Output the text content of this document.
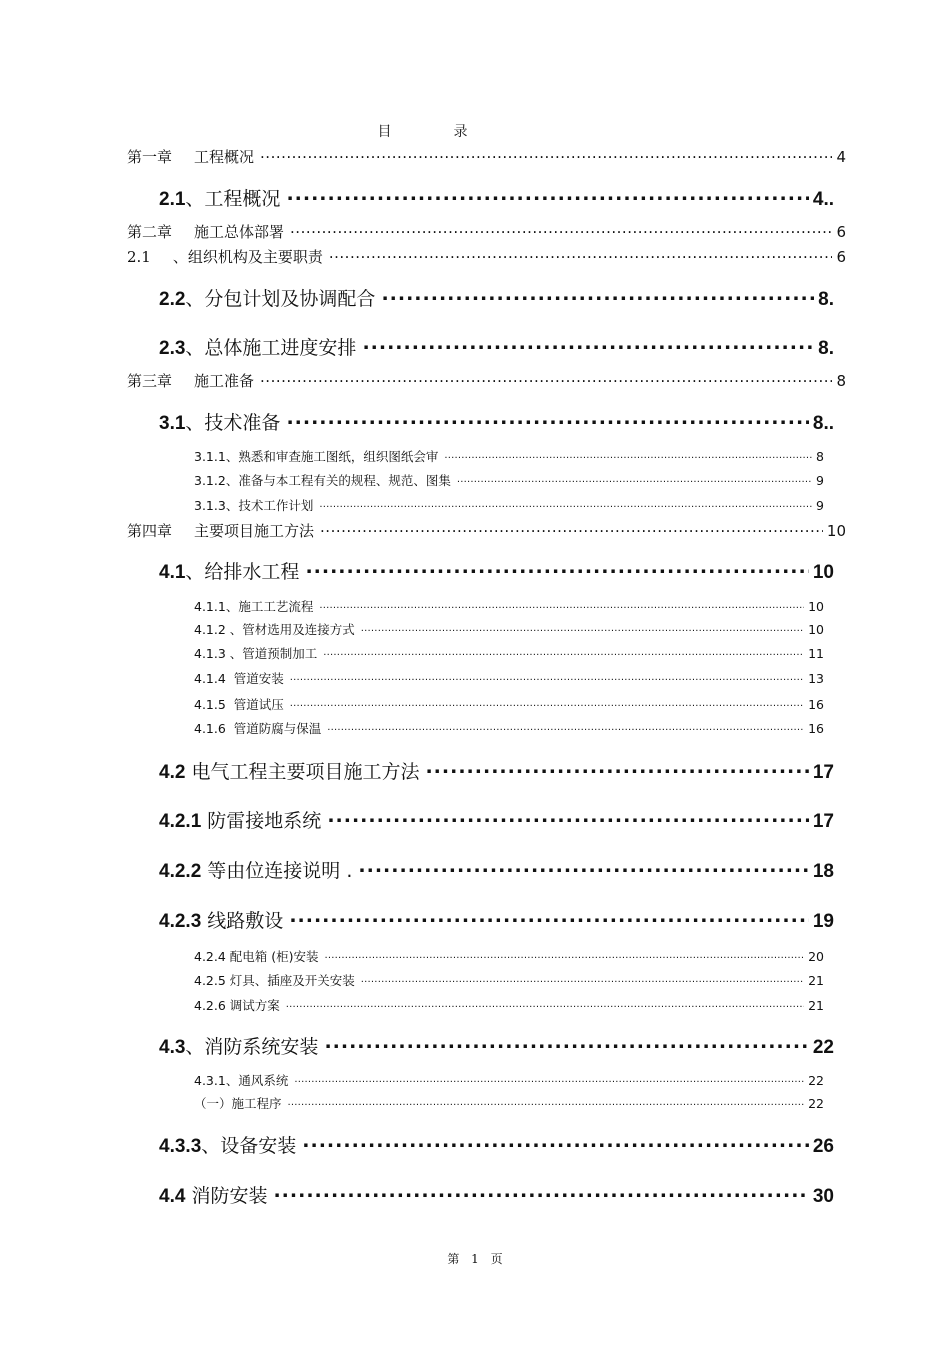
目	录
第一章 工程概况 .....	4
2.1、工程概况 .....	4..
第二章 施工总体部署 .....	6
2.1 、组织机构及主要职责 .....	6
2.2、分包计划及协调配合 .....	8.
2.3、总体施工进度安排 .....	8.
第三章 施工准备 .....	8
3.1、技术准备 .....	8..
3.1.1、熟悉和审查施工图纸，组织图纸会审 .....	8
3.1.2、准备与本工程有关的规程、规范、图集 .....	9
3.1.3、技术工作计划 .....	9
第四章 主要项目施工方法 .....	10
4.1、给排水工程 .....	10
4.1.1、施工工艺流程 .....	10
4.1.2 、管材选用及连接方式 .....	10
4.1.3 、管道预制加工 .....	11
4.1.4  管道安装 .....	13
4.1.5  管道试压 .....	16
4.1.6  管道防腐与保温 .....	16
4.2 电气工程主要项目施工方法 .....	17
4.2.1 防雷接地系统 .....	17
4.2.2 等由位连接说明 . .....	18
4.2.3 线路敷设 .....	19
4.2.4 配电箱 (柜)安装 .....	20
4.2.5 灯具、插座及开关安装 .....	21
4.2.6 调试方案 .....	21
4.3、消防系统安装 .....	22
4.3.1、通风系统 .....	22
（一）施工程序 .....	22
4.3.3、设备安装 .....	26
4.4 消防安装 .....	30
第 1 页
